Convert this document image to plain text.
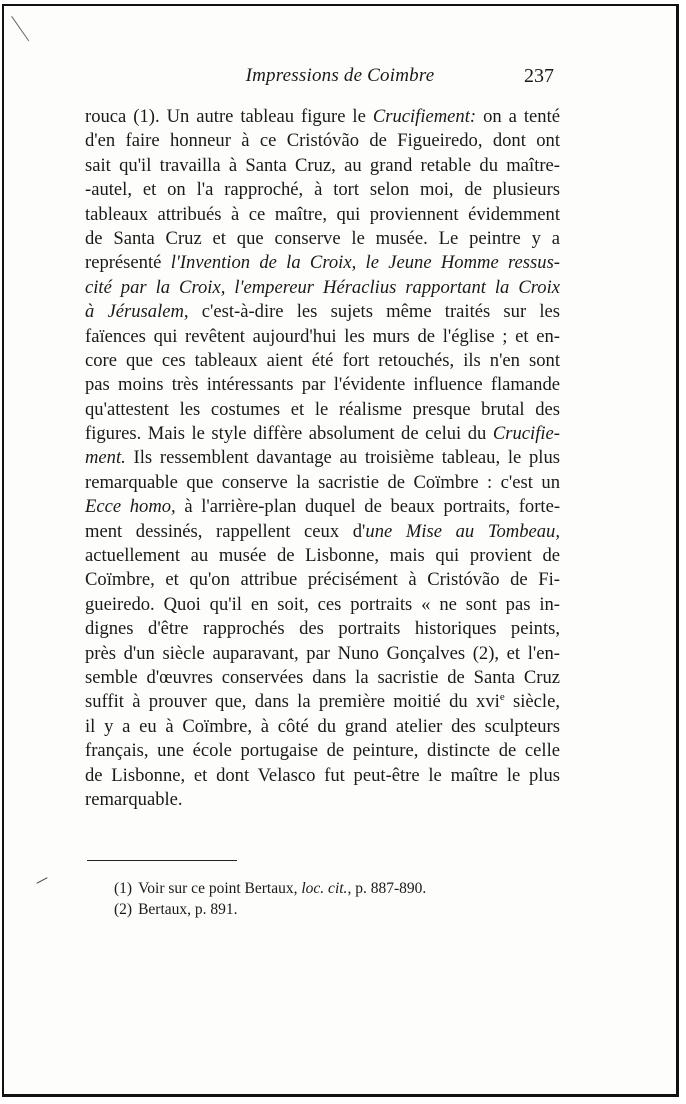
Impressions de Coimbre	237
rouca (1). Un autre tableau figure le Crucifiement: on a tenté
d'en faire honneur à ce Cristóvão de Figueiredo, dont ont
sait qu'il travailla à Santa Cruz, au grand retable du maître-
-autel, et on l'a rapproché, à tort selon moi, de plusieurs
tableaux attribués à ce maître, qui proviennent évidemment
de Santa Cruz et que conserve le musée. Le peintre y a
représenté l'Invention de la Croix, le Jeune Homme ressus-
cité par la Croix, l'empereur Héraclius rapportant la Croix
à Jérusalem, c'est-à-dire les sujets même traités sur les
faïences qui revêtent aujourd'hui les murs de l'église ; et en-
core que ces tableaux aient été fort retouchés, ils n'en sont
pas moins très intéressants par l'évidente influence flamande
qu'attestent les costumes et le réalisme presque brutal des
figures. Mais le style diffère absolument de celui du Crucifie-
ment. Ils ressemblent davantage au troisième tableau, le plus
remarquable que conserve la sacristie de Coïmbre : c'est un
Ecce homo, à l'arrière-plan duquel de beaux portraits, forte-
ment dessinés, rappellent ceux d'une Mise au Tombeau,
actuellement au musée de Lisbonne, mais qui provient de
Coïmbre, et qu'on attribue précisément à Cristóvão de Fi-
gueiredo. Quoi qu'il en soit, ces portraits « ne sont pas in-
dignes d'être rapprochés des portraits historiques peints,
près d'un siècle auparavant, par Nuno Gonçalves (2), et l'en-
semble d'œuvres conservées dans la sacristie de Santa Cruz
suffit à prouver que, dans la première moitié du xvi$^e$ siècle,
il y a eu à Coïmbre, à côté du grand atelier des sculpteurs
français, une école portugaise de peinture, distincte de celle
de Lisbonne, et dont Velasco fut peut-être le maître le plus
remarquable.
(1) Voir sur ce point Bertaux, loc. cit., p. 887-890.
(2) Bertaux, p. 891.
